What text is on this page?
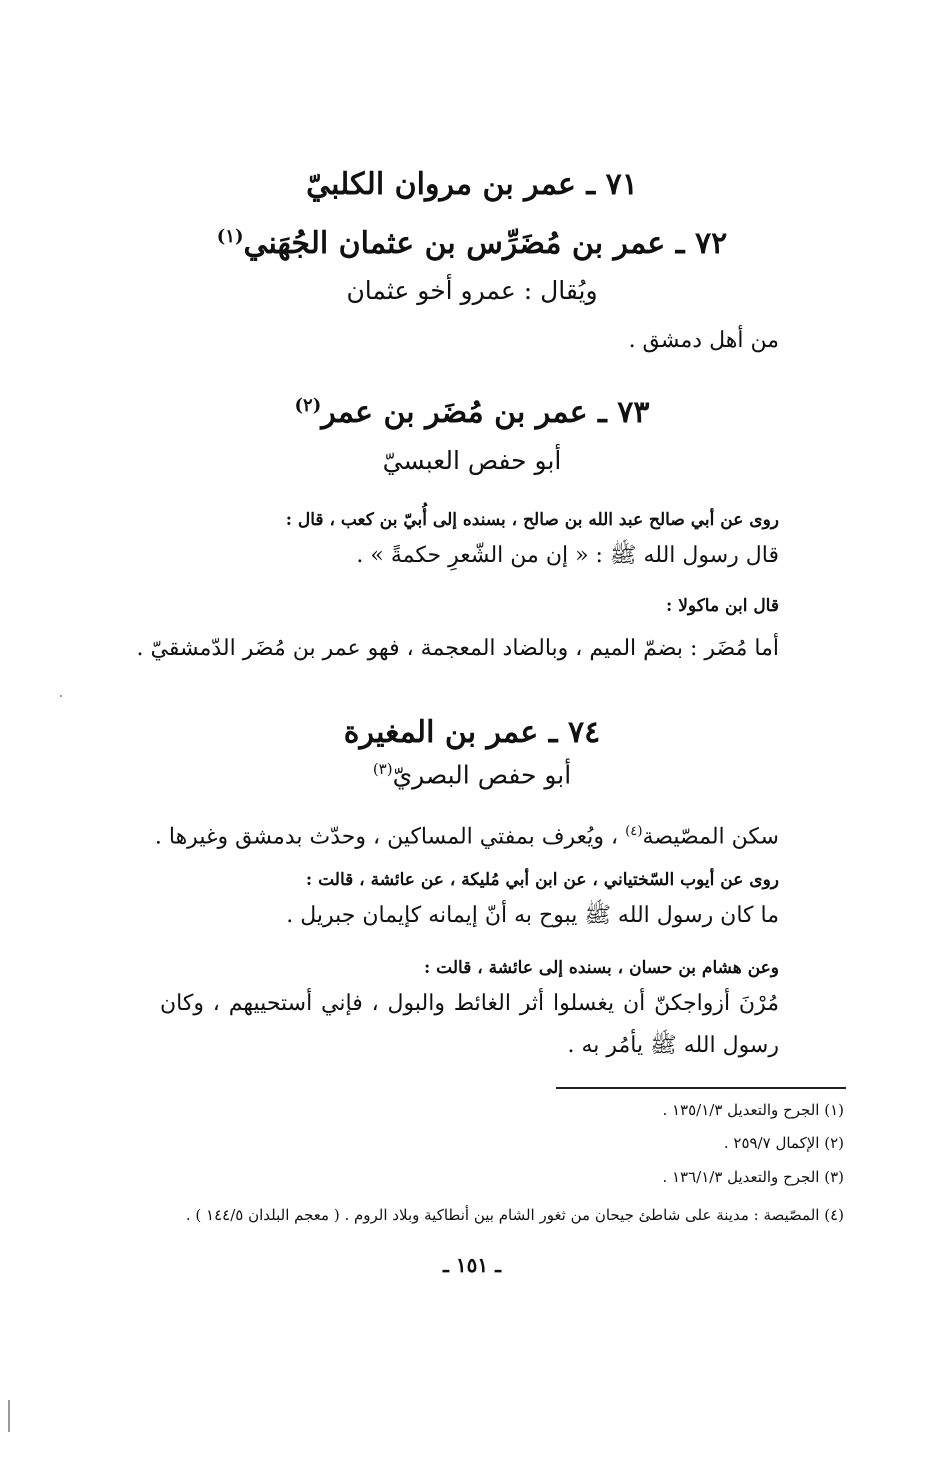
٧١ ـ عمر بن مروان الكلبيّ
٧٢ ـ عمر بن مُضَرِّس بن عثمان الجُهَني$^{(١)}$
ويُقال : عمرو أخو عثمان
من أهل دمشق .
٧٣ ـ عمر بن مُضَر بن عمر$^{(٢)}$
أبو حفص العبسيّ
روى عن أبي صالح عبد الله بن صالح ، بسنده إلى أُبيّ بن كعب ، قال :
قال رسول الله ﷺ : « إن من الشّعرِ حكمةً » .
قال ابن ماكولا :
أما مُضَر : بضمّ الميم ، وبالضاد المعجمة ، فهو عمر بن مُضَر الدّمشقيّ .
٧٤ ـ عمر بن المغيرة
أبو حفص البصريّ$^{(٣)}$
سكن المصّيصة$^{(٤)}$ ، ويُعرف بمفتي المساكين ، وحدّث بدمشق وغيرها .
روى عن أيوب السّختياني ، عن ابن أبي مُليكة ، عن عائشة ، قالت :
ما كان رسول الله ﷺ يبوح به أنّ إيمانه كإيمان جبريل .
وعن هشام بن حسان ، بسنده إلى عائشة ، قالت :
مُرْنَ أزواجكنّ أن يغسلوا أثر الغائط والبول ، فإني أستحييهم ، وكان
رسول الله ﷺ يأمُر به .
(١) الجرح والتعديل ١٣٥/١/٣ .
(٢) الإكمال ٢٥٩/٧ .
(٣) الجرح والتعديل ١٣٦/١/٣ .
(٤) المصّيصة : مدينة على شاطئ جيحان من ثغور الشام بين أنطاكية وبلاد الروم . ( معجم البلدان ١٤٤/٥ ) .
ـ ١٥١ ـ
